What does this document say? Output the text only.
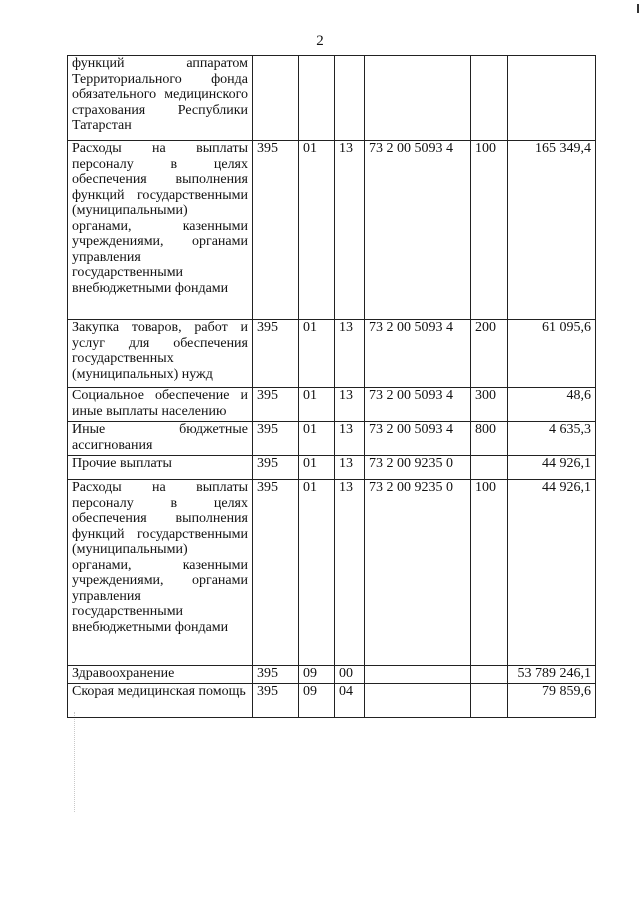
2
функций аппаратом Территориального фонда обязательного медицинского страхования Республики Татарстан						
Расходы на выплаты персоналу в целях обеспечения выполнения функций государственными (муниципальными) органами, казенными учреждениями, органами управления государственными внебюджетными фондами	395	01	13	73 2 00 5093 4	100	165 349,4
Закупка товаров, работ и услуг для обеспечения государственных (муниципальных) нужд	395	01	13	73 2 00 5093 4	200	61 095,6
Социальное обеспечение и иные выплаты населению	395	01	13	73 2 00 5093 4	300	48,6
Иные бюджетные ассигнования	395	01	13	73 2 00 5093 4	800	4 635,3
Прочие выплаты	395	01	13	73 2 00 9235 0		44 926,1
Расходы на выплаты персоналу в целях обеспечения выполнения функций государственными (муниципальными) органами, казенными учреждениями, органами управления государственными внебюджетными фондами	395	01	13	73 2 00 9235 0	100	44 926,1
Здравоохранение	395	09	00			53 789 246,1
Скорая медицинская помощь	395	09	04			79 859,6
